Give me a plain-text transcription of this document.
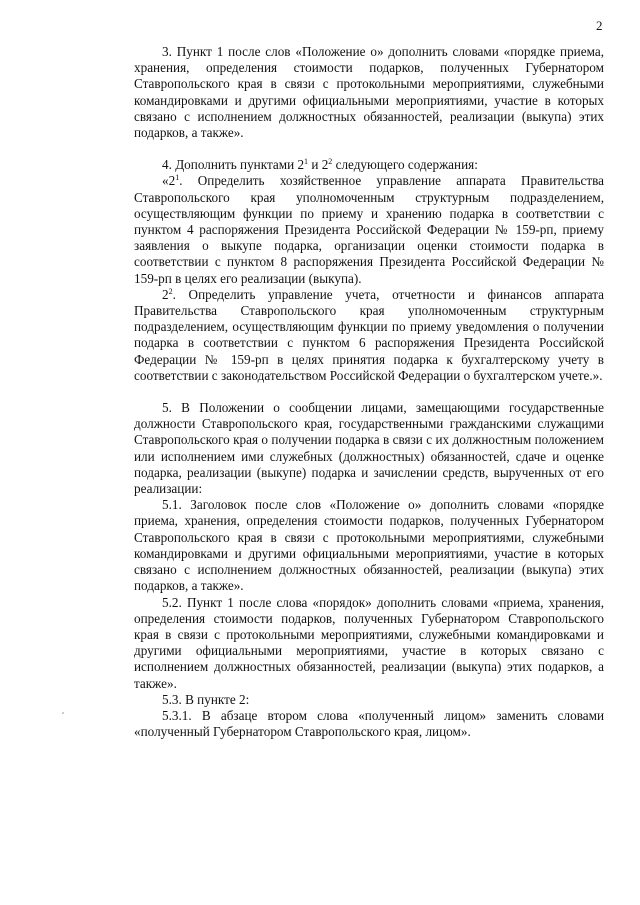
2

3. Пункт 1 после слов «Положение о» дополнить словами «порядке приема, хранения, определения стоимости подарков, полученных Губернатором Ставропольского края в связи с протокольными мероприятиями, служебными командировками и другими официальными мероприятиями, участие в которых связано с исполнением должностных обязанностей, реализации (выкупа) этих подарков, а также».

4. Дополнить пунктами $2^1$ и $2^2$ следующего содержания:

«$2^1$. Определить хозяйственное управление аппарата Правительства Ставропольского края уполномоченным структурным подразделением, осуществляющим функции по приему и хранению подарка в соответствии с пунктом 4 распоряжения Президента Российской Федерации № 159-рп, приему заявления о выкупе подарка, организации оценки стоимости подарка в соответствии с пунктом 8 распоряжения Президента Российской Федерации № 159-рп в целях его реализации (выкупа).

$2^2$. Определить управление учета, отчетности и финансов аппарата Правительства Ставропольского края уполномоченным структурным подразделением, осуществляющим функции по приему уведомления о получении подарка в соответствии с пунктом 6 распоряжения Президента Российской Федерации № 159-рп в целях принятия подарка к бухгалтерскому учету в соответствии с законодательством Российской Федерации о бухгалтерском учете.».

5. В Положении о сообщении лицами, замещающими государственные должности Ставропольского края, государственными гражданскими служащими Ставропольского края о получении подарка в связи с их должностным положением или исполнением ими служебных (должностных) обязанностей, сдаче и оценке подарка, реализации (выкупе) подарка и зачислении средств, вырученных от его реализации:

5.1. Заголовок после слов «Положение о» дополнить словами «порядке приема, хранения, определения стоимости подарков, полученных Губернатором Ставропольского края в связи с протокольными мероприятиями, служебными командировками и другими официальными мероприятиями, участие в которых связано с исполнением должностных обязанностей, реализации (выкупа) этих подарков, а также».

5.2. Пункт 1 после слова «порядок» дополнить словами «приема, хранения, определения стоимости подарков, полученных Губернатором Ставропольского края в связи с протокольными мероприятиями, служебными командировками и другими официальными мероприятиями, участие в которых связано с исполнением должностных обязанностей, реализации (выкупа) этих подарков, а также».

5.3. В пункте 2:

5.3.1. В абзаце втором слова «полученный лицом» заменить словами «полученный Губернатором Ставропольского края, лицом».
